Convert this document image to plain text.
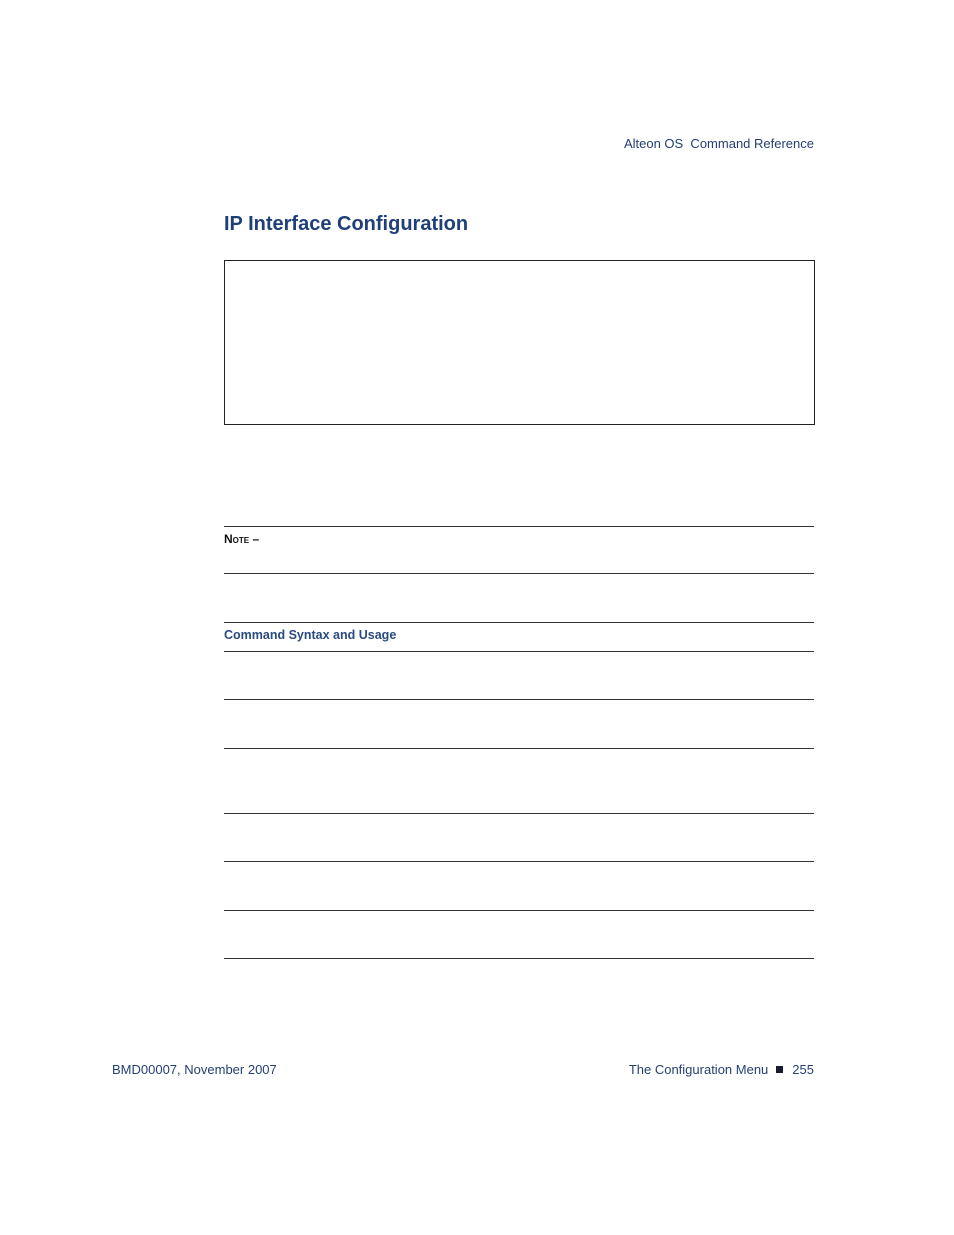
Alteon OS  Command Reference
IP Interface Configuration
Note –
Command Syntax and Usage
BMD00007, November 2007	The Configuration Menu 255
